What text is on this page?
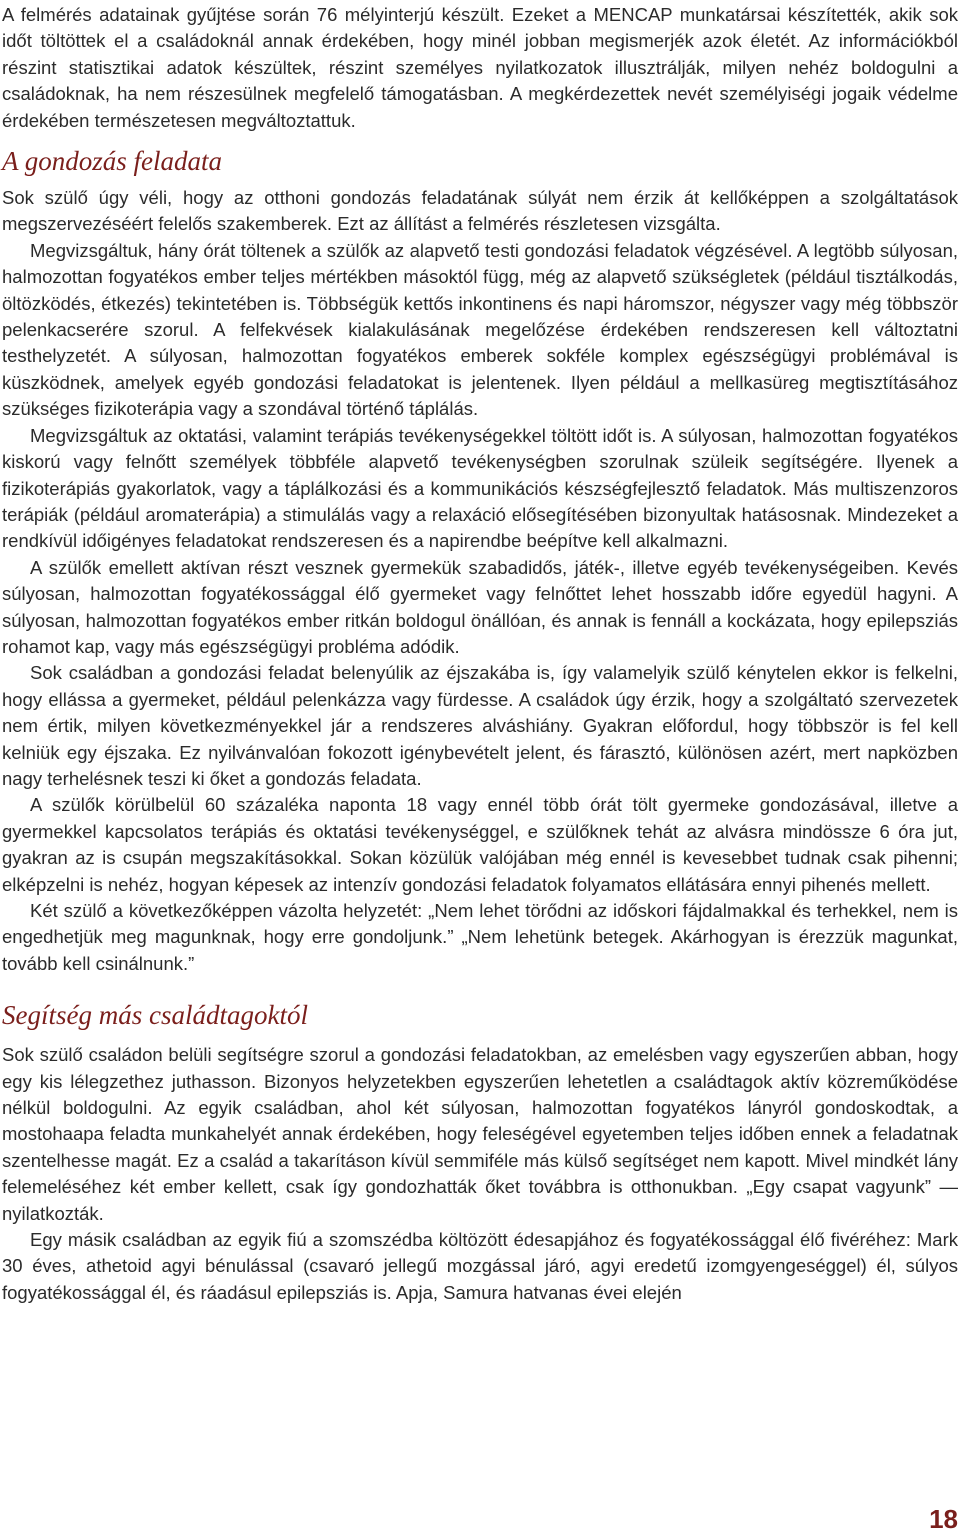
A felmérés adatainak gyűjtése során 76 mélyinterjú készült. Ezeket a MENCAP munkatársai készítették, akik sok időt töltöttek el a családoknál annak érdekében, hogy minél jobban megismerjék azok életét. Az információkból részint statisztikai adatok készültek, részint személyes nyilatkozatok illusztrálják, milyen nehéz boldogulni a családoknak, ha nem részesülnek megfelelő támogatásban. A megkérdezettek nevét személyiségi jogaik védelme érdekében természetesen megváltoztattuk.

A gondozás feladata

Sok szülő úgy véli, hogy az otthoni gondozás feladatának súlyát nem érzik át kellőképpen a szolgáltatások megszervezéséért felelős szakemberek. Ezt az állítást a felmérés részletesen vizsgálta.

Megvizsgáltuk, hány órát töltenek a szülők az alapvető testi gondozási feladatok végzésével. A legtöbb súlyosan, halmozottan fogyatékos ember teljes mértékben másoktól függ, még az alapvető szükségletek (például tisztálkodás, öltözködés, étkezés) tekintetében is. Többségük kettős inkontinens és napi háromszor, négyszer vagy még többször pelenkacserére szorul. A felfekvések kialakulásának megelőzése érdekében rendszeresen kell változtatni testhelyzetét. A súlyosan, halmozottan fogyatékos emberek sokféle komplex egészségügyi problémával is küszködnek, amelyek egyéb gondozási feladatokat is jelentenek. Ilyen például a mellkasüreg megtisztításához szükséges fizikoterápia vagy a szondával történő táplálás.

Megvizsgáltuk az oktatási, valamint terápiás tevékenységekkel töltött időt is. A súlyosan, halmozottan fogyatékos kiskorú vagy felnőtt személyek többféle alapvető tevékenységben szorulnak szüleik segítségére. Ilyenek a fizikoterápiás gyakorlatok, vagy a táplálkozási és a kommunikációs készségfejlesztő feladatok. Más multiszenzoros terápiák (például aromaterápia) a stimulálás vagy a relaxáció elősegítésében bizonyultak hatásosnak. Mindezeket a rendkívül időigényes feladatokat rendszeresen és a napirendbe beépítve kell alkalmazni.

A szülők emellett aktívan részt vesznek gyermekük szabadidős, játék-, illetve egyéb tevékenységeiben. Kevés súlyosan, halmozottan fogyatékossággal élő gyermeket vagy felnőttet lehet hosszabb időre egyedül hagyni. A súlyosan, halmozottan fogyatékos ember ritkán boldogul önállóan, és annak is fennáll a kockázata, hogy epilepsziás rohamot kap, vagy más egészségügyi probléma adódik.

Sok családban a gondozási feladat belenyúlik az éjszakába is, így valamelyik szülő kénytelen ekkor is felkelni, hogy ellássa a gyermeket, például pelenkázza vagy fürdesse. A családok úgy érzik, hogy a szolgáltató szervezetek nem értik, milyen következményekkel jár a rendszeres alváshiány. Gyakran előfordul, hogy többször is fel kell kelniük egy éjszaka. Ez nyilvánvalóan fokozott igénybevételt jelent, és fárasztó, különösen azért, mert napközben nagy terhelésnek teszi ki őket a gondozás feladata.

A szülők körülbelül 60 százaléka naponta 18 vagy ennél több órát tölt gyermeke gondozásával, illetve a gyermekkel kapcsolatos terápiás és oktatási tevékenységgel, e szülőknek tehát az alvásra mindössze 6 óra jut, gyakran az is csupán megszakításokkal. Sokan közülük valójában még ennél is kevesebbet tudnak csak pihenni; elképzelni is nehéz, hogyan képesek az intenzív gondozási feladatok folyamatos ellátására ennyi pihenés mellett.

Két szülő a következőképpen vázolta helyzetét: „Nem lehet törődni az időskori fájdalmakkal és terhekkel, nem is engedhetjük meg magunknak, hogy erre gondoljunk.” „Nem lehetünk betegek. Akárhogyan is érezzük magunkat, tovább kell csinálnunk.”

Segítség más családtagoktól

Sok szülő családon belüli segítségre szorul a gondozási feladatokban, az emelésben vagy egyszerűen abban, hogy egy kis lélegzethez juthasson. Bizonyos helyzetekben egyszerűen lehetetlen a családtagok aktív közreműködése nélkül boldogulni. Az egyik családban, ahol két súlyosan, halmozottan fogyatékos lányról gondoskodtak, a mostohaapa feladta munkahelyét annak érdekében, hogy feleségével egyetemben teljes időben ennek a feladatnak szentelhesse magát. Ez a család a takarításon kívül semmiféle más külső segítséget nem kapott. Mivel mindkét lány felemeléséhez két ember kellett, csak így gondozhatták őket továbbra is otthonukban. „Egy csapat vagyunk” — nyilatkozták.

Egy másik családban az egyik fiú a szomszédba költözött édesapjához és fogyatékossággal élő fivéréhez: Mark 30 éves, athetoid agyi bénulással (csavaró jellegű mozgással járó, agyi eredetű izomgyengeséggel) él, súlyos fogyatékossággal él, és ráadásul epilepsziás is. Apja, Samura hatvanas évei elején

18
